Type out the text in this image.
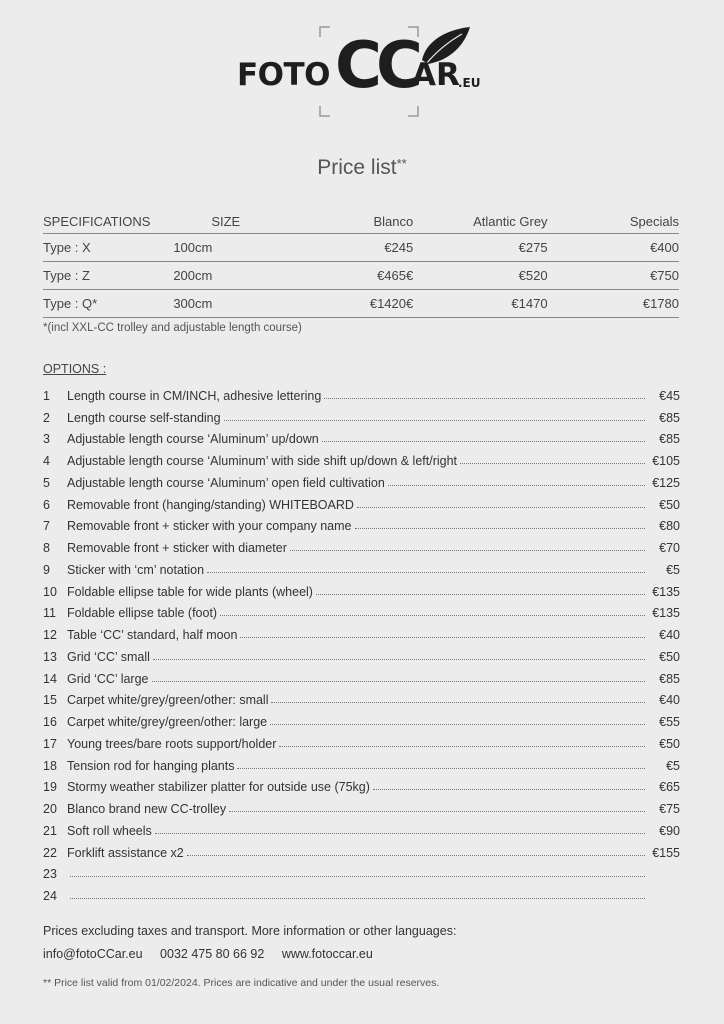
FOTO CC
AR
.EU
Price list**
SPECIFICATIONS	SIZE	Blanco	Atlantic Grey	Specials
Type : X	100cm	€245	€275	€400
Type : Z	200cm	€465€	€520	€750
Type : Q*	300cm	€1420€	€1470	€1780
*(incl XXL-CC trolley and adjustable length course)
OPTIONS :
1	Length course in CM/INCH, adhesive lettering	€45
2	Length course self-standing	€85
3	Adjustable length course ‘Aluminum’ up/down	€85
4	Adjustable length course ‘Aluminum’ with side shift up/down & left/right	€105
5	Adjustable length course ‘Aluminum’ open field cultivation	€125
6	Removable front (hanging/standing) WHITEBOARD	€50
7	Removable front + sticker with your company name	€80
8	Removable front + sticker with diameter	€70
9	Sticker with ‘cm’ notation	€5
10 Foldable ellipse table for wide plants (wheel)	€135
11 Foldable ellipse table (foot)	€135
12 Table ‘CC’ standard, half moon	€40
13 Grid ‘CC’ small	€50
14 Grid ‘CC’ large	€85
15 Carpet white/grey/green/other: small	€40
16 Carpet white/grey/green/other: large	€55
17 Young trees/bare roots support/holder	€50
18 Tension rod for hanging plants	€5
19 Stormy weather stabilizer platter for outside use (75kg)	€65
20 Blanco brand new CC-trolley	€75
21 Soft roll wheels	€90
22 Forklift assistance x2	€155
23
24
Prices excluding taxes and transport. More information or other languages:
info@fotoCCar.eu 0032 475 80 66 92 www.fotoccar.eu
** Price list valid from 01/02/2024. Prices are indicative and under the usual reserves.
